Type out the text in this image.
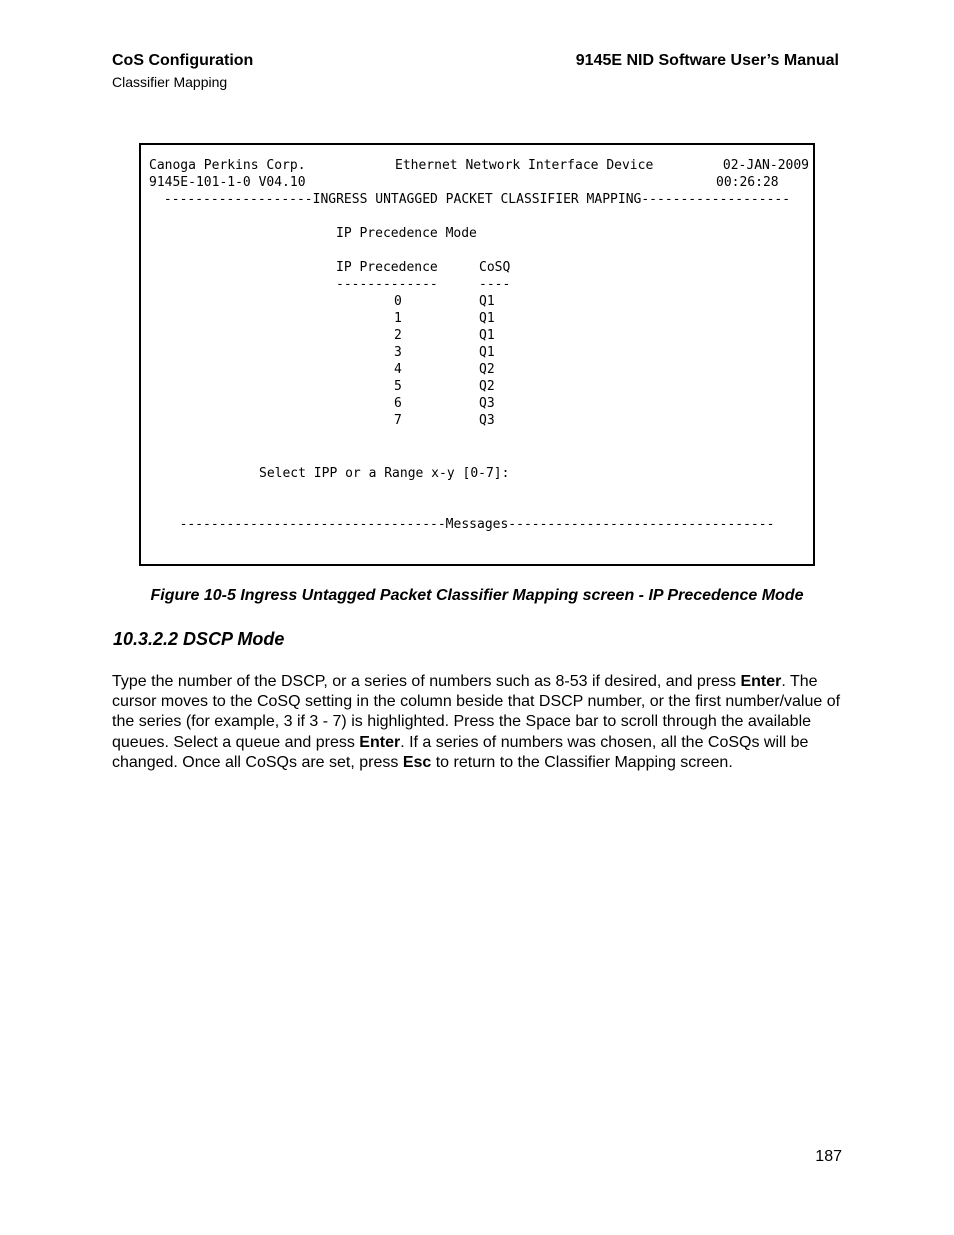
CoS Configuration
Classifier Mapping
9145E NID Software User’s Manual
Canoga Perkins Corp.	Ethernet Network Interface Device	02-JAN-2009
9145E-101-1-0 V04.10	00:26:28
-------------------INGRESS UNTAGGED PACKET CLASSIFIER MAPPING-------------------
IP Precedence Mode
IP Precedence	CoSQ
-------------	----
0	Q1
1	Q1
2	Q1
3	Q1
4	Q2
5	Q2
6	Q3
7	Q3
Select IPP or a Range x-y [0-7]:
----------------------------------Messages----------------------------------
Figure 10-5 Ingress Untagged Packet Classifier Mapping screen - IP Precedence Mode
10.3.2.2 DSCP Mode
Type the number of the DSCP, or a series of numbers such as 8-53 if desired, and press Enter. The cursor moves to the CoSQ setting in the column beside that DSCP number, or the first number/value of the series (for example, 3 if 3 - 7) is highlighted. Press the Space bar to scroll through the available queues. Select a queue and press Enter. If a series of numbers was chosen, all the CoSQs will be changed. Once all CoSQs are set, press Esc to return to the Classifier Mapping screen.
187
